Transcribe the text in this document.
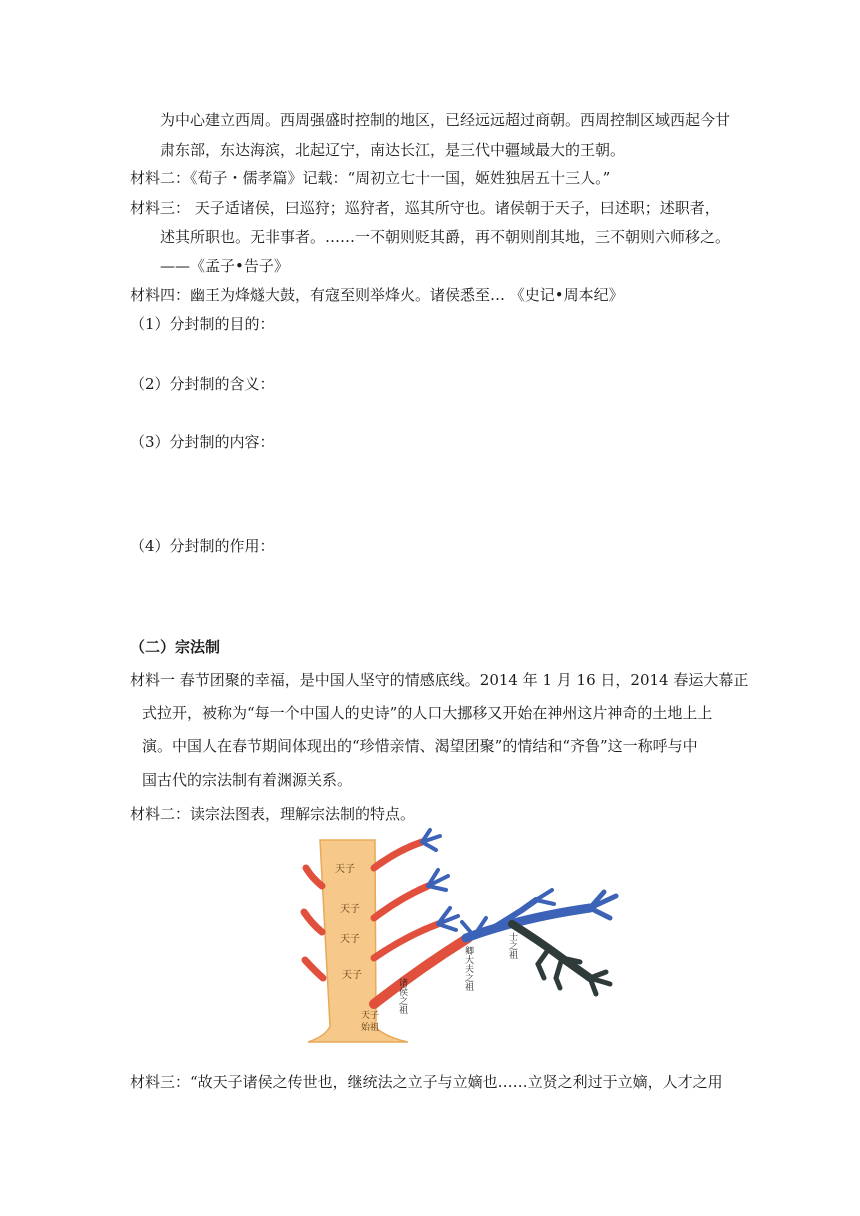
为中心建立西周。西周强盛时控制的地区，已经远远超过商朝。西周控制区域西起今甘
肃东部，东达海滨，北起辽宁，南达长江，是三代中疆域最大的王朝。
材料二：《荀子・儒孝篇》记载：“周初立七十一国，姬姓独居五十三人。”
材料三： 天子适诸侯，曰巡狩；巡狩者，巡其所守也。诸侯朝于天子，曰述职；述职者，
述其所职也。无非事者。……一不朝则贬其爵，再不朝则削其地，三不朝则六师移之。
——《孟子•告子》
材料四：幽王为烽燧大鼓，有寇至则举烽火。诸侯悉至… 《史记•周本纪》
（1）分封制的目的：
（2）分封制的含义：
（3）分封制的内容：
（4）分封制的作用：
（二）宗法制
材料一 春节团聚的幸福，是中国人坚守的情感底线。2014 年 1 月 16 日，2014 春运大幕正
式拉开，被称为“每一个中国人的史诗”的人口大挪移又开始在神州这片神奇的土地上上
演。中国人在春节期间体现出的“珍惜亲情、渴望团聚”的情结和“齐鲁”这一称呼与中
国古代的宗法制有着渊源关系。
材料二：读宗法图表，理解宗法制的特点。
天子
天子
天子
天子
天子
始祖
诸侯之祖
卿大夫之祖
士之祖
材料三：“故天子诸侯之传世也，继统法之立子与立嫡也……立贤之利过于立嫡，人才之用
